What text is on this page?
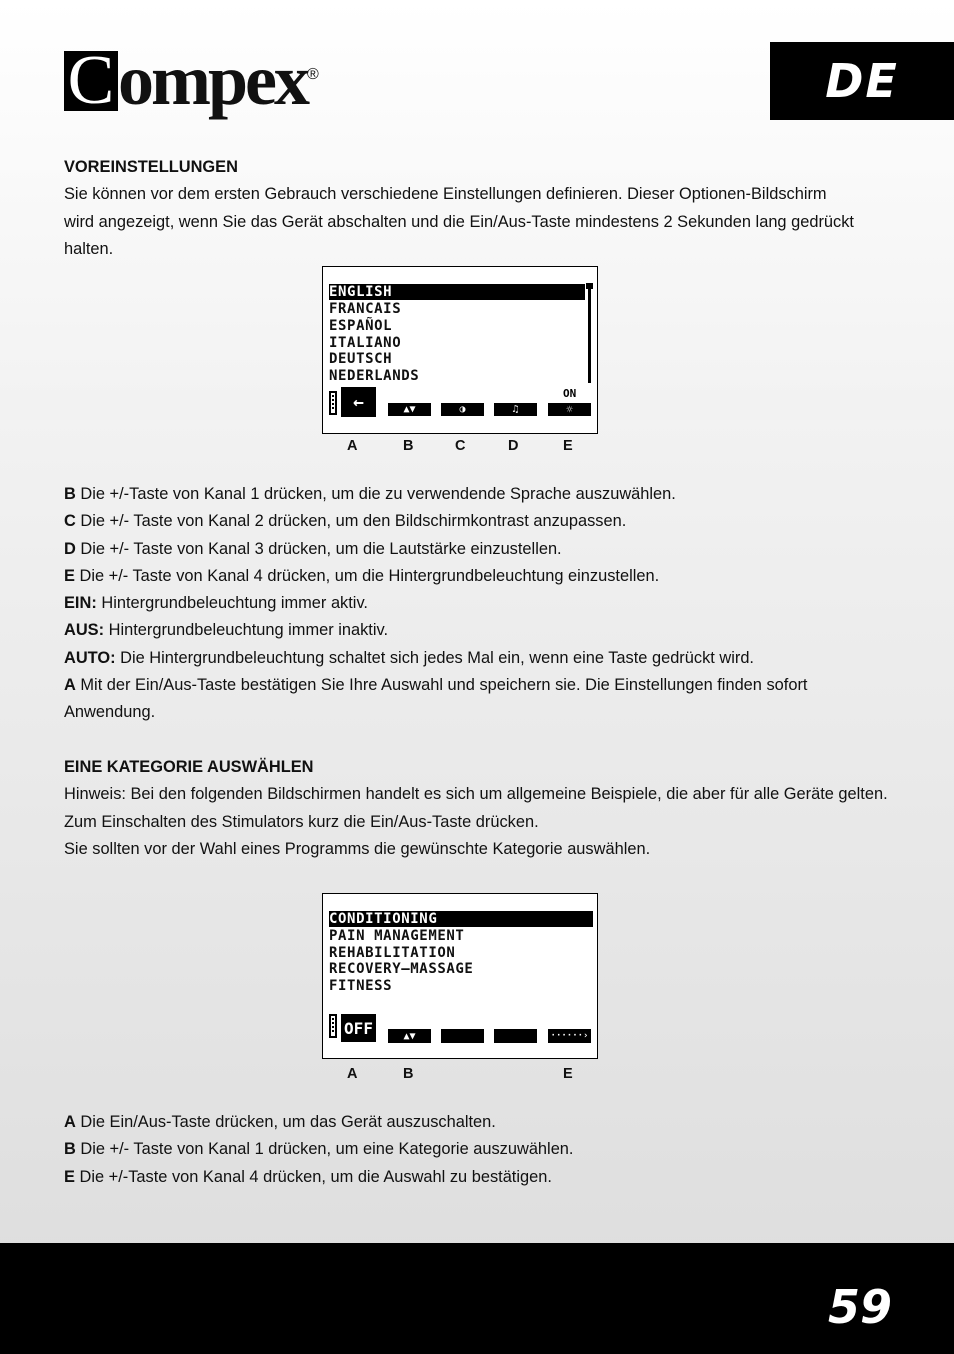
C ompex ®	DE

VOREINSTELLUNGEN

Sie können vor dem ersten Gebrauch verschiedene Einstellungen definieren. Dieser Optionen-Bildschirm

wird angezeigt, wenn Sie das Gerät abschalten und die Ein/Aus-Taste mindestens 2 Sekunden lang gedrückt

halten.

ENGLISH
FRANCAIS
ESPAÑOL
ITALIANO
DEUTSCH
NEDERLANDS
←	▲▼	◑	♫
ON
☼
A	B	C	D	E

B Die +/-Taste von Kanal 1 drücken, um die zu verwendende Sprache auszuwählen.

C Die +/- Taste von Kanal 2 drücken, um den Bildschirmkontrast anzupassen.

D Die +/- Taste von Kanal 3 drücken, um die Lautstärke einzustellen.

E Die +/- Taste von Kanal 4 drücken, um die Hintergrundbeleuchtung einzustellen.

EIN: Hintergrundbeleuchtung immer aktiv.

AUS: Hintergrundbeleuchtung immer inaktiv.

AUTO: Die Hintergrundbeleuchtung schaltet sich jedes Mal ein, wenn eine Taste gedrückt wird.

A Mit der Ein/Aus-Taste bestätigen Sie Ihre Auswahl und speichern sie. Die Einstellungen finden sofort

Anwendung.

EINE KATEGORIE AUSWÄHLEN

Hinweis: Bei den folgenden Bildschirmen handelt es sich um allgemeine Beispiele, die aber für alle Geräte gelten.

Zum Einschalten des Stimulators kurz die Ein/Aus-Taste drücken.

Sie sollten vor der Wahl eines Programms die gewünschte Kategorie auswählen.

CONDITIONING
PAIN MANAGEMENT
REHABILITATION
RECOVERY–MASSAGE
FITNESS
OFF	▲▼	······›
A	B	E

A Die Ein/Aus-Taste drücken, um das Gerät auszuschalten.

B Die +/- Taste von Kanal 1 drücken, um eine Kategorie auszuwählen.

E Die +/-Taste von Kanal 4 drücken, um die Auswahl zu bestätigen.

59
